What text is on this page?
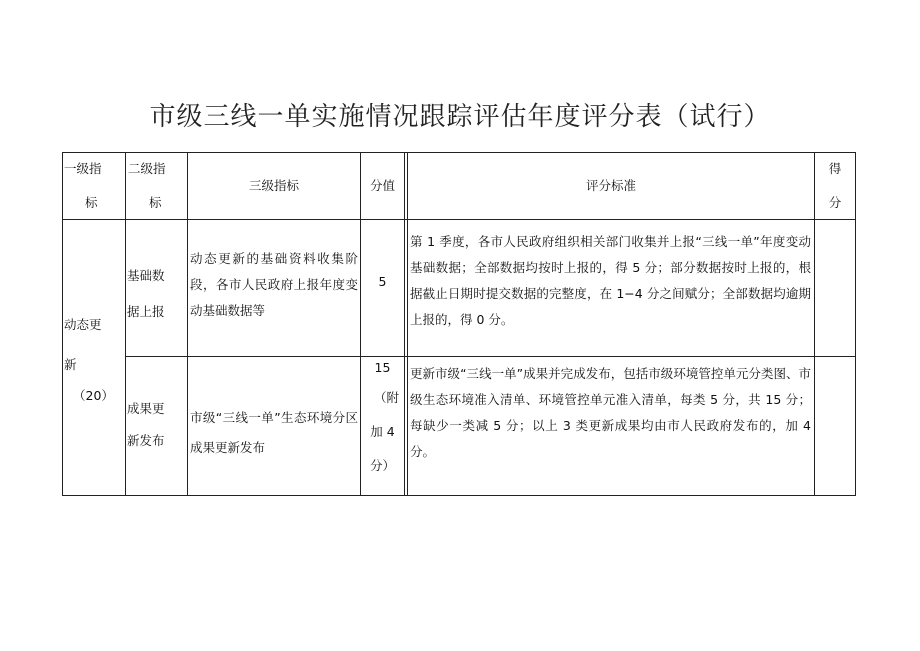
市级三线一单实施情况跟踪评估年度评分表（试行）
一级指
标
二级指
标
三级指标	分值	评分标准
得
分
动态更
新
（20）
基础数
据上报
动态更新的基础资料收集阶段，各市人民政府上报年度变动基础数据等
5
第 1 季度，各市人民政府组织相关部门收集并上报“三线一单”年度变动基础数据；全部数据均按时上报的，得 5 分；部分数据按时上报的，根据截止日期时提交数据的完整度，在 1−4 分之间赋分；全部数据均逾期上报的，得 0 分。
成果更
新发布
市级“三线一单”生态环境分区成果更新发布
15
（附
加 4
分）
更新市级“三线一单”成果并完成发布，包括市级环境管控单元分类图、市级生态环境准入清单、环境管控单元准入清单，每类 5 分，共 15 分；每缺少一类减 5 分；以上 3 类更新成果均由市人民政府发布的，加 4 分。
